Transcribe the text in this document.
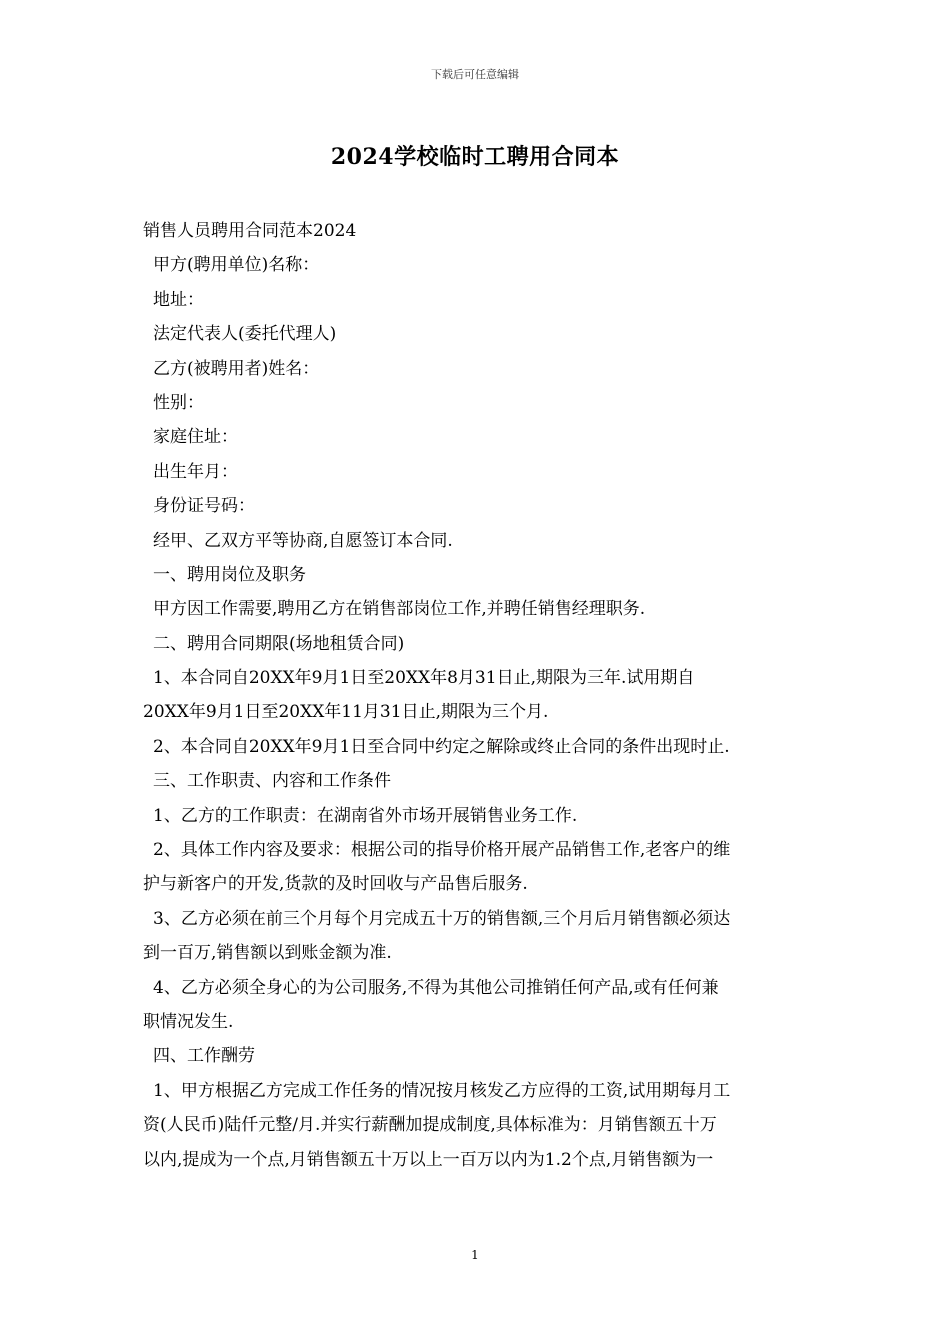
下载后可任意编辑
2024学校临时工聘用合同本
销售人员聘用合同范本2024
甲方(聘用单位)名称：
地址：
法定代表人(委托代理人)
乙方(被聘用者)姓名：
性别：
家庭住址：
出生年月：
身份证号码：
经甲、乙双方平等协商,自愿签订本合同.
一、聘用岗位及职务
甲方因工作需要,聘用乙方在销售部岗位工作,并聘任销售经理职务.
二、聘用合同期限(场地租赁合同)
1、本合同自20XX年9月1日至20XX年8月31日止,期限为三年.试用期自
20XX年9月1日至20XX年11月31日止,期限为三个月.
2、本合同自20XX年9月1日至合同中约定之解除或终止合同的条件出现时止.
三、工作职责、内容和工作条件
1、乙方的工作职责：在湖南省外市场开展销售业务工作.
2、具体工作内容及要求：根据公司的指导价格开展产品销售工作,老客户的维
护与新客户的开发,货款的及时回收与产品售后服务.
3、乙方必须在前三个月每个月完成五十万的销售额,三个月后月销售额必须达
到一百万,销售额以到账金额为准.
4、乙方必须全身心的为公司服务,不得为其他公司推销任何产品,或有任何兼
职情况发生.
四、工作酬劳
1、甲方根据乙方完成工作任务的情况按月核发乙方应得的工资,试用期每月工
资(人民币)陆仟元整/月.并实行薪酬加提成制度,具体标准为：月销售额五十万
以内,提成为一个点,月销售额五十万以上一百万以内为1.2个点,月销售额为一
1
